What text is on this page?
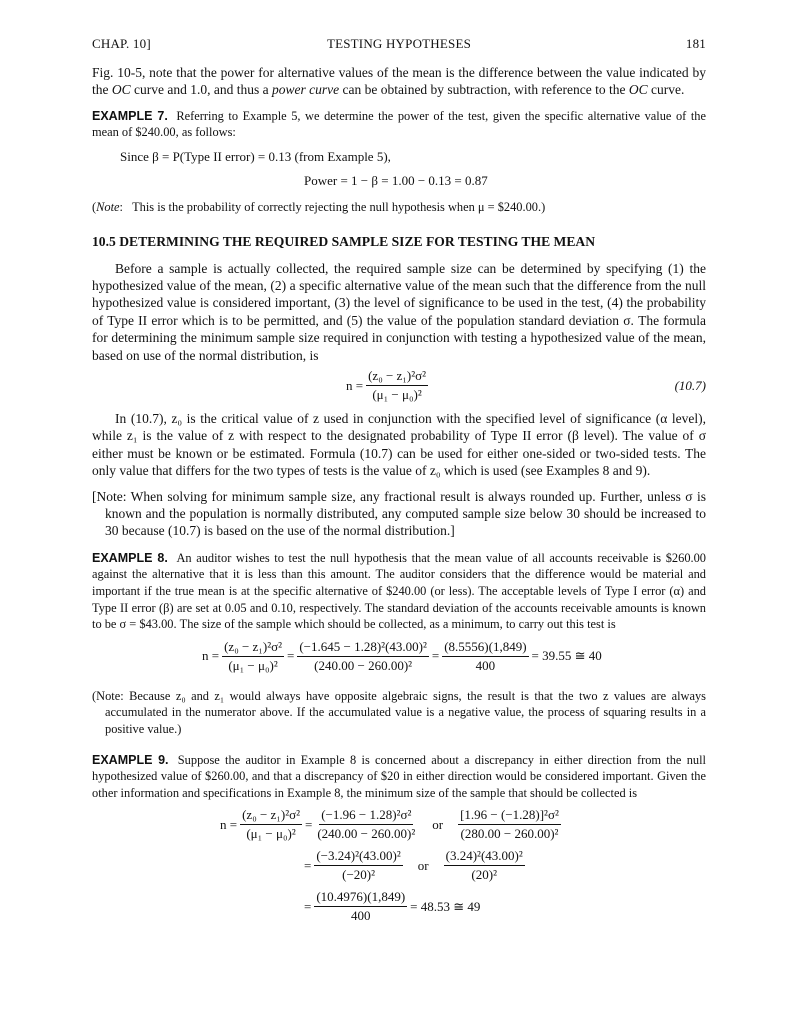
CHAP. 10]	TESTING HYPOTHESES	181

Fig. 10-5, note that the power for alternative values of the mean is the difference between the value indicated by the OC curve and 1.0, and thus a power curve can be obtained by subtraction, with reference to the OC curve.

EXAMPLE 7. Referring to Example 5, we determine the power of the test, given the specific alternative value of the mean of $240.00, as follows:

Since β = P(Type II error) = 0.13 (from Example 5),
Power = 1 − β = 1.00 − 0.13 = 0.87

(Note:   This is the probability of correctly rejecting the null hypothesis when μ = $240.00.)

10.5 DETERMINING THE REQUIRED SAMPLE SIZE FOR TESTING THE MEAN

Before a sample is actually collected, the required sample size can be determined by specifying (1) the hypothesized value of the mean, (2) a specific alternative value of the mean such that the difference from the null hypothesized value is considered important, (3) the level of significance to be used in the test, (4) the probability of Type II error which is to be permitted, and (5) the value of the population standard deviation σ. The formula for determining the minimum sample size required in conjunction with testing a hypothesized value of the mean, based on use of the normal distribution, is

$n = \frac{\text{(z₀ − z₁)²σ²}}{\text{(μ₁ − μ₀)²}}$	(10.7)

In (10.7), z₀ is the critical value of z used in conjunction with the specified level of significance (α level), while z₁ is the value of z with respect to the designated probability of Type II error (β level). The value of σ either must be known or be estimated. Formula (10.7) can be used for either one-sided or two-sided tests. The only value that differs for the two types of tests is the value of z₀ which is used (see Examples 8 and 9).

[Note: When solving for minimum sample size, any fractional result is always rounded up. Further, unless σ is known and the population is normally distributed, any computed sample size below 30 should be increased to 30 because (10.7) is based on the use of the normal distribution.]

EXAMPLE 8. An auditor wishes to test the null hypothesis that the mean value of all accounts receivable is $260.00 against the alternative that it is less than this amount. The auditor considers that the difference would be material and important if the true mean is at the specific alternative of $240.00 (or less). The acceptable levels of Type I error (α) and Type II error (β) are set at 0.05 and 0.10, respectively. The standard deviation of the accounts receivable amounts is known to be σ = $43.00. The size of the sample which should be collected, as a minimum, to carry out this test is

$n = \frac{\text{(z₀ − z₁)²σ²}}{\text{(μ₁ − μ₀)²}} = \frac{\text{(−1.645 − 1.28)²(43.00)²}}{\text{(240.00 − 260.00)²}} = \frac{(8.5556)(1,849)}{400} = 39.55$ ≅ 40

(Note: Because z₀ and z₁ would always have opposite algebraic signs, the result is that the two z values are always accumulated in the numerator above. If the accumulated value is a negative value, the process of squaring results in a positive value.)

EXAMPLE 9. Suppose the auditor in Example 8 is concerned about a discrepancy in either direction from the null hypothesized value of $260.00, and that a discrepancy of $20 in either direction would be considered important. Given the other information and specifications in Example 8, the minimum size of the sample that should be collected is

$n = \frac{\text{(z₀ − z₁)²σ²}}{\text{(μ₁ − μ₀)²}} = \frac{\text{(−1.96 − 1.28)²σ²}}{\text{(240.00 − 260.00)²}}$ or $\frac{\text{[1.96 − (−1.28)]²σ²}}{\text{(280.00 − 260.00)²}}$
= $\frac{\text{(−3.24)²(43.00)²}}{\text{(−20)²}}$ or $\frac{\text{(3.24)²(43.00)²}}{\text{(20)²}}$
= $\frac{(10.4976)(1,849)}{400} = 48.53$ ≅ 49
